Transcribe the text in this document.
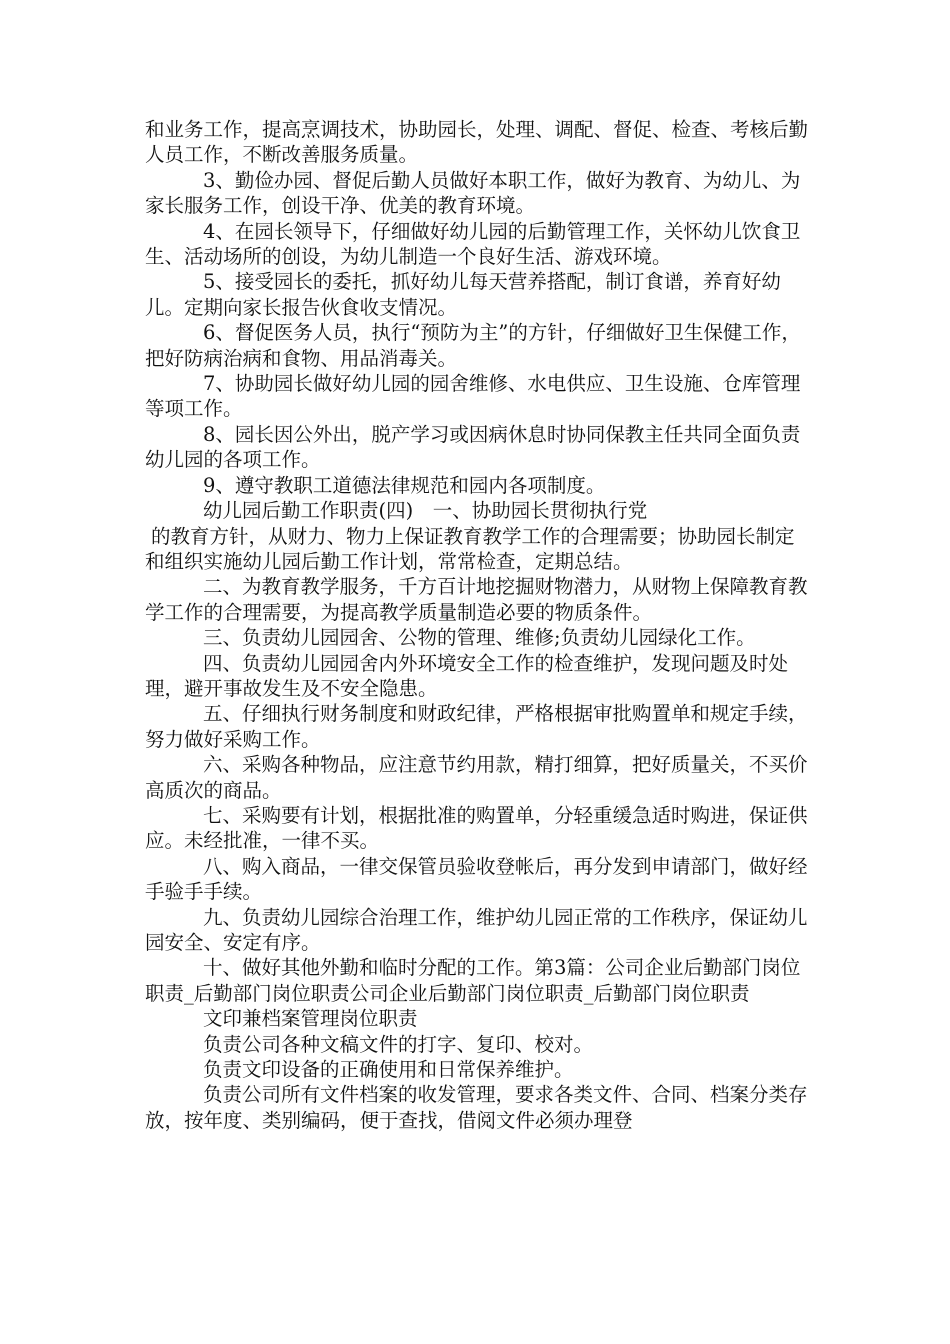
和业务工作，提高烹调技术，协助园长，处理、调配、督促、检查、考核后勤人员工作，不断改善服务质量。

3、勤俭办园、督促后勤人员做好本职工作，做好为教育、为幼儿、为家长服务工作，创设干净、优美的教育环境。

4、在园长领导下，仔细做好幼儿园的后勤管理工作，关怀幼儿饮食卫生、活动场所的创设，为幼儿制造一个良好生活、游戏环境。

5、接受园长的委托，抓好幼儿每天营养搭配，制订食谱，养育好幼儿。定期向家长报告伙食收支情况。

6、督促医务人员，执行“预防为主”的方针，仔细做好卫生保健工作，把好防病治病和食物、用品消毒关。

7、协助园长做好幼儿园的园舍维修、水电供应、卫生设施、仓库管理等项工作。

8、园长因公外出，脱产学习或因病休息时协同保教主任共同全面负责幼儿园的各项工作。

9、遵守教职工道德法律规范和园内各项制度。

幼儿园后勤工作职责(四)　一、协助园长贯彻执行党

的教育方针，从财力、物力上保证教育教学工作的合理需要；协助园长制定和组织实施幼儿园后勤工作计划，常常检查，定期总结。

二、为教育教学服务，千方百计地挖掘财物潜力，从财物上保障教育教学工作的合理需要，为提高教学质量制造必要的物质条件。

三、负责幼儿园园舍、公物的管理、维修;负责幼儿园绿化工作。

四、负责幼儿园园舍内外环境安全工作的检查维护，发现问题及时处理，避开事故发生及不安全隐患。

五、仔细执行财务制度和财政纪律，严格根据审批购置单和规定手续，努力做好采购工作。

六、采购各种物品，应注意节约用款，精打细算，把好质量关，不买价高质次的商品。

七、采购要有计划，根据批准的购置单，分轻重缓急适时购进，保证供应。未经批准，一律不买。

八、购入商品，一律交保管员验收登帐后，再分发到申请部门，做好经手验手手续。

九、负责幼儿园综合治理工作，维护幼儿园正常的工作秩序，保证幼儿园安全、安定有序。

十、做好其他外勤和临时分配的工作。第3篇：公司企业后勤部门岗位职责_后勤部门岗位职责公司企业后勤部门岗位职责_后勤部门岗位职责

文印兼档案管理岗位职责

负责公司各种文稿文件的打字、复印、校对。

负责文印设备的正确使用和日常保养维护。

负责公司所有文件档案的收发管理，要求各类文件、合同、档案分类存放，按年度、类别编码，便于查找，借阅文件必须办理登
